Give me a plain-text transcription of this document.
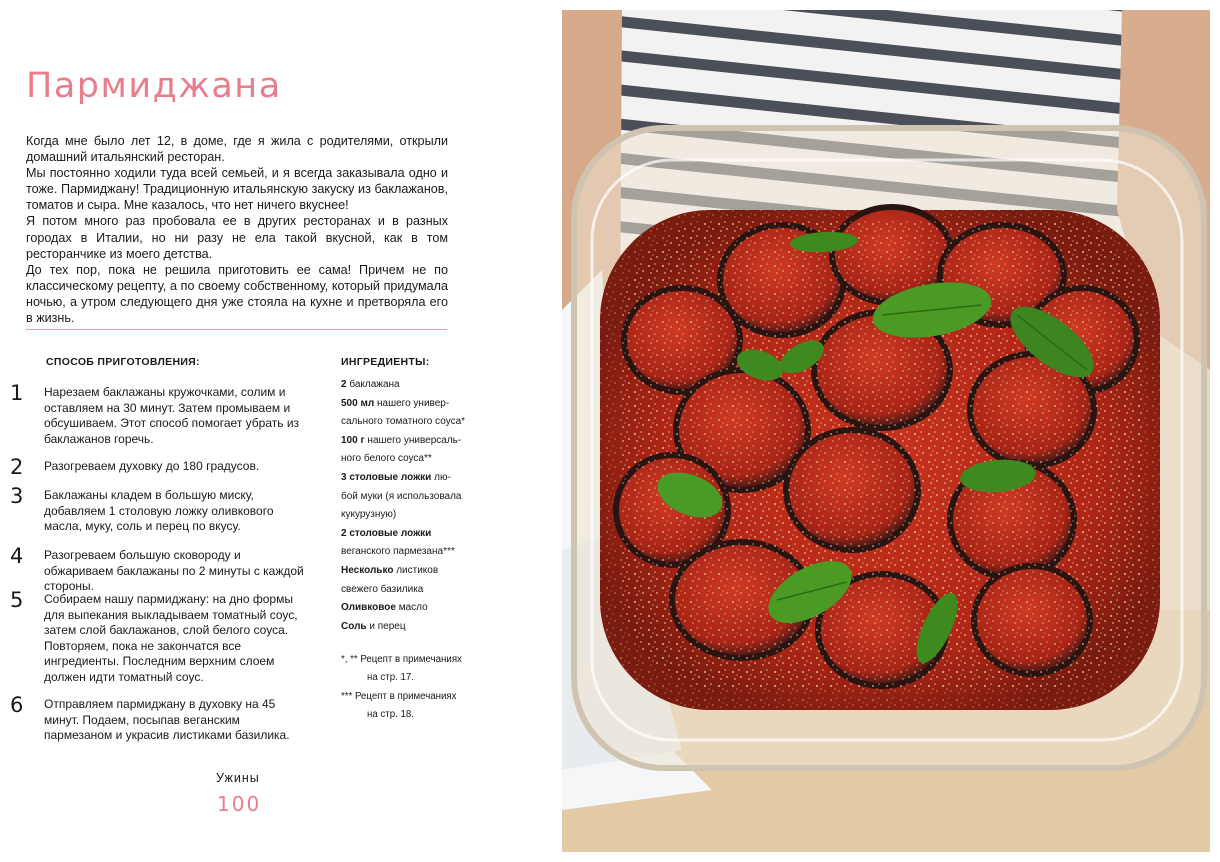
Пармиджана

Когда мне было лет 12, в доме, где я жила с родителями, открыли домашний итальянский ресторан.

Мы постоянно ходили туда всей семьей, и я всегда заказывала одно и тоже. Пармиджану! Традиционную итальянскую закуску из баклажанов, томатов и сыра. Мне казалось, что нет ничего вкуснее!

Я потом много раз пробовала ее в других ресторанах и в разных городах в Италии, но ни разу не ела такой вкусной, как в том ресторанчике из моего детства.

До тех пор, пока не решила приготовить ее сама! Причем не по классическому рецепту, а по своему собственному, который придумала ночью, а утром следующего дня уже стояла на кухне и претворяла его в жизнь.

СПОСОБ ПРИГОТОВЛЕНИЯ:
1 Нарезаем баклажаны кружочками, солим и оставляем на 30 минут. Затем промываем и обсушиваем. Этот способ помогает убрать из баклажанов горечь.
2 Разогреваем духовку до 180 градусов.
3 Баклажаны кладем в большую миску, добавляем 1 столовую ложку оливкового масла, муку, соль и перец по вкусу.
4 Разогреваем большую сковороду и обжариваем баклажаны по 2 минуты с каждой стороны.
5 Собираем нашу пармиджану: на дно формы для выпекания выкладываем томатный соус, затем слой баклажанов, слой белого соуса. Повторяем, пока не закончатся все ингредиенты. Последним верхним слоем должен идти томатный соус.
6 Отправляем пармиджану в духовку на 45 минут. Подаем, посыпав веганским пармезаном и украсив листиками базилика.
ИНГРЕДИЕНТЫ:
2 баклажана
500 мл нашего универ-
сального томатного соуса*
100 г нашего универсаль-
ного белого соуса**
3 столовые ложки лю-
бой муки (я использовала
кукурузную)
2 столовые ложки
веганского пармезана***
Несколько листиков
свежего базилика
Оливковое масло
Соль и перец
*, ** Рецепт в примечаниях
на стр. 17.
*** Рецепт в примечаниях
на стр. 18.
Ужины
100
